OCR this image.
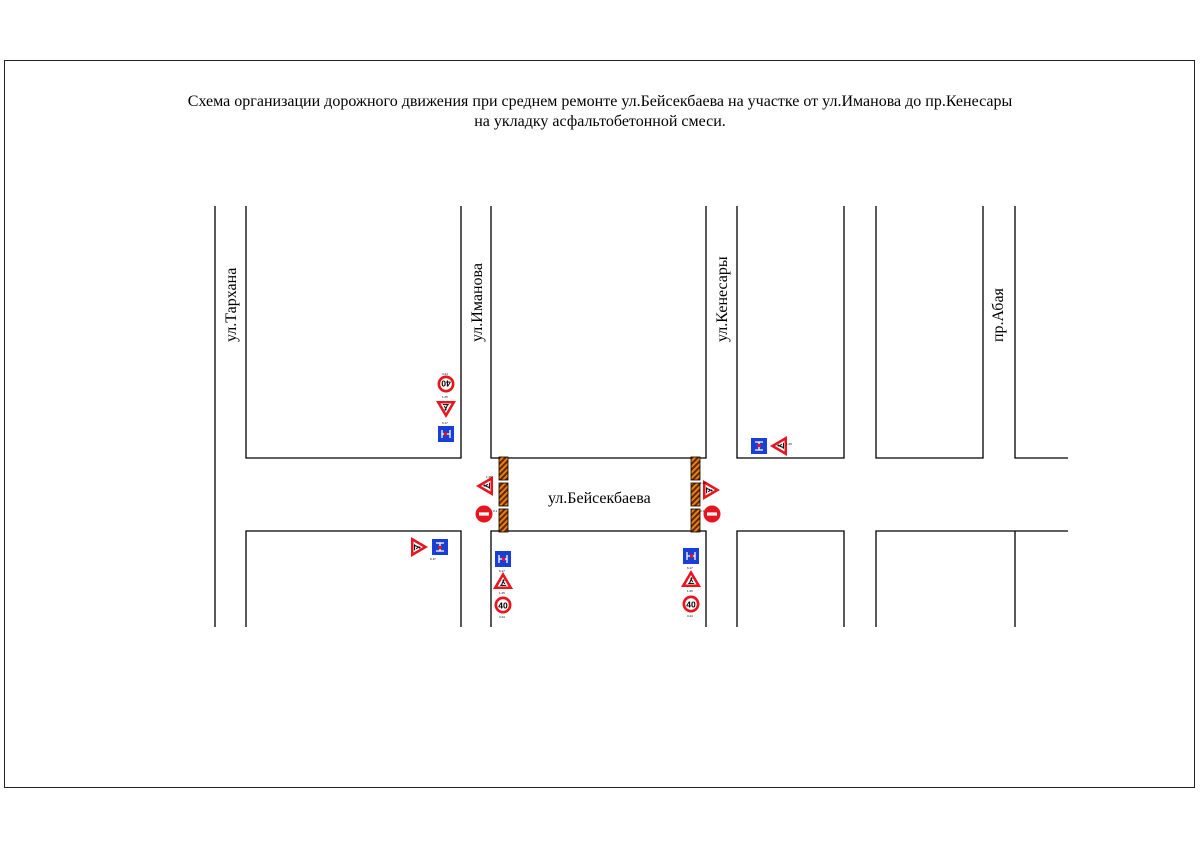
Схема организации дорожного движения при среднем ремонте ул.Бейсекбаева на участке от ул.Иманова до пр.Кенесары
на укладку асфальтобетонной смеси.
ул.Тархана	ул.Иманова	ул.Кенесары	пр.Абая
ул.Бейсекбаева
40
3.24
1.25
6.17
6.17
1.25
1.25
3.1
1.25
3.1
6.17
1.25
40
3.24
6.17
1.25
40
3.24
